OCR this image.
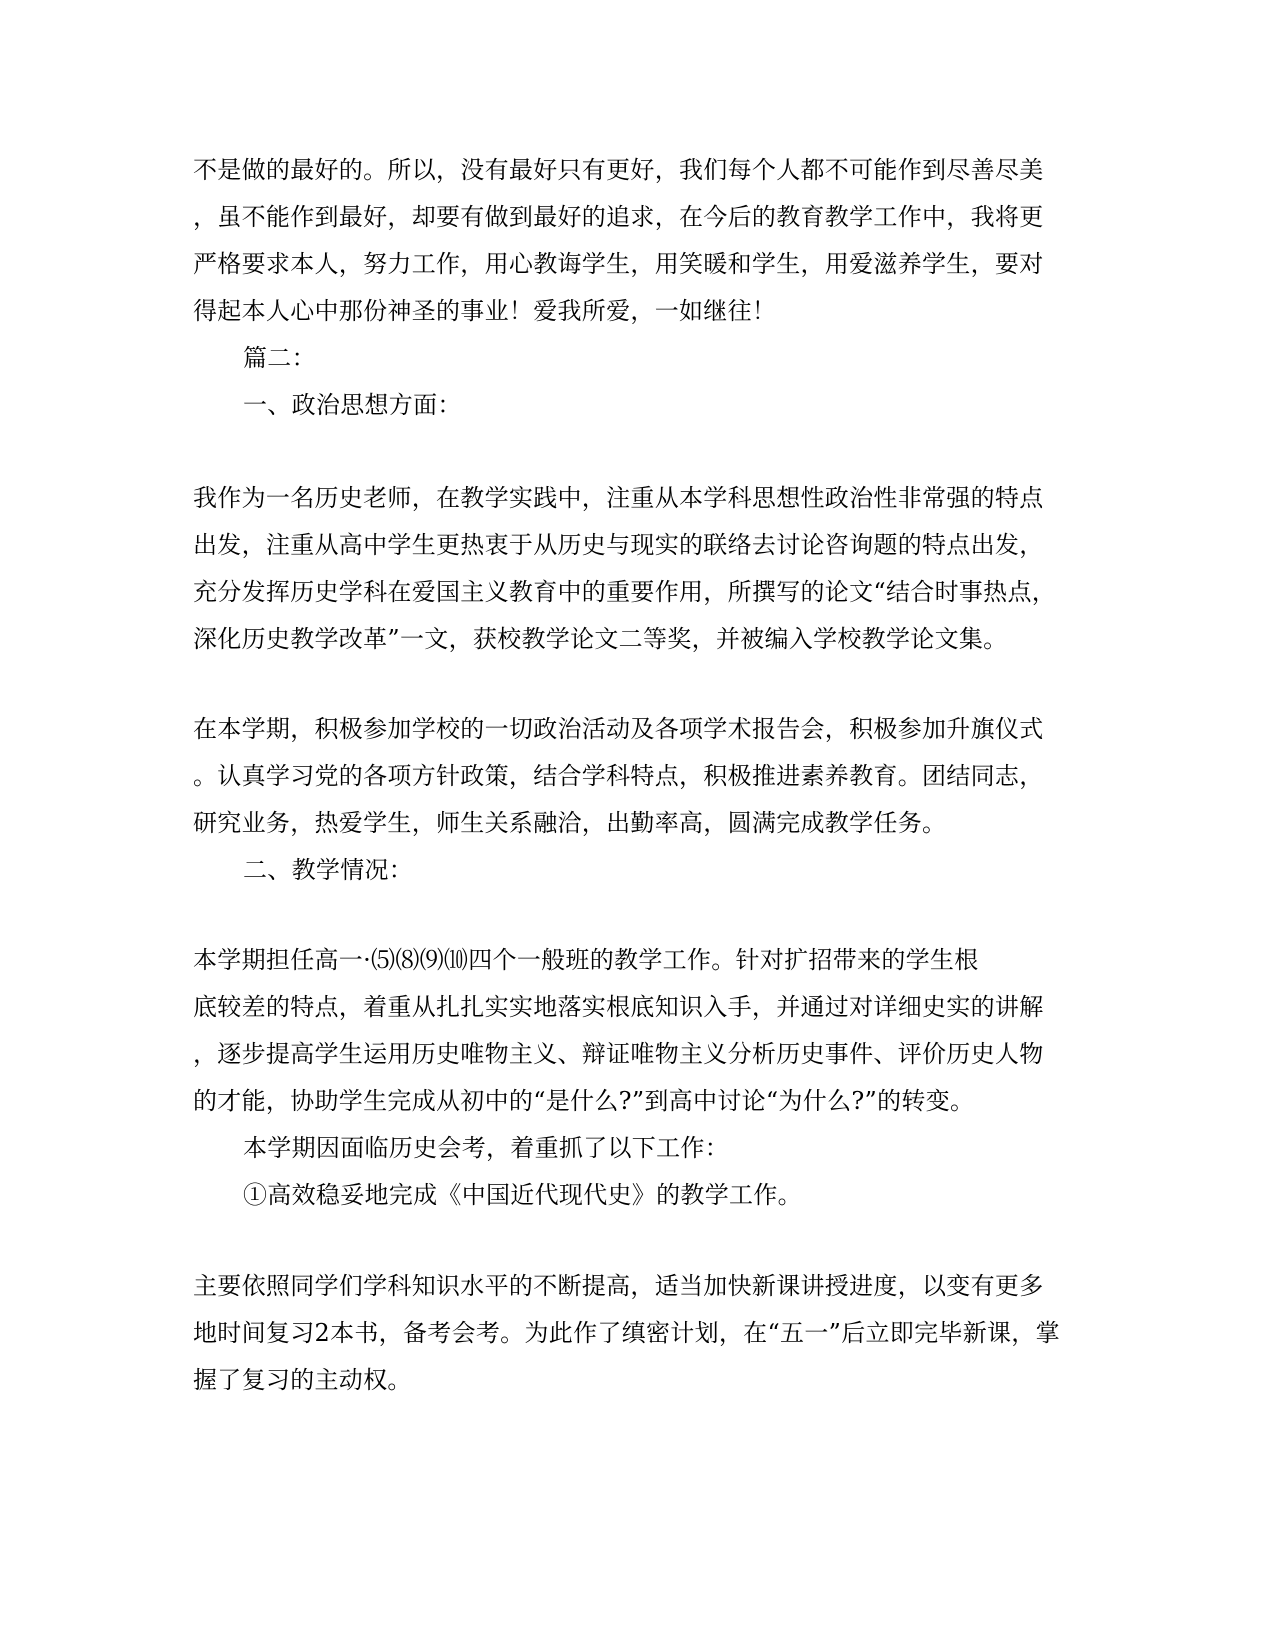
不是做的最好的。所以，没有最好只有更好，我们每个人都不可能作到尽善尽美
，虽不能作到最好，却要有做到最好的追求，在今后的教育教学工作中，我将更
严格要求本人，努力工作，用心教诲学生，用笑暖和学生，用爱滋养学生，要对
得起本人心中那份神圣的事业！爱我所爱，一如继往！
篇二：
一、政治思想方面：
我作为一名历史老师，在教学实践中，注重从本学科思想性政治性非常强的特点
出发，注重从高中学生更热衷于从历史与现实的联络去讨论咨询题的特点出发，
充分发挥历史学科在爱国主义教育中的重要作用，所撰写的论文“结合时事热点，
深化历史教学改革”一文，获校教学论文二等奖，并被编入学校教学论文集。
在本学期，积极参加学校的一切政治活动及各项学术报告会，积极参加升旗仪式
。认真学习党的各项方针政策，结合学科特点，积极推进素养教育。团结同志，
研究业务，热爱学生，师生关系融洽，出勤率高，圆满完成教学任务。
二、教学情况：
本学期担任高一·⑸⑻⑼⑽四个一般班的教学工作。针对扩招带来的学生根
底较差的特点，着重从扎扎实实地落实根底知识入手，并通过对详细史实的讲解
，逐步提高学生运用历史唯物主义、辩证唯物主义分析历史事件、评价历史人物
的才能，协助学生完成从初中的“是什么?”到高中讨论“为什么?”的转变。
本学期因面临历史会考，着重抓了以下工作：
①高效稳妥地完成《中国近代现代史》的教学工作。
主要依照同学们学科知识水平的不断提高，适当加快新课讲授进度，以变有更多
地时间复习2本书，备考会考。为此作了缜密计划，在“五一”后立即完毕新课，掌
握了复习的主动权。
